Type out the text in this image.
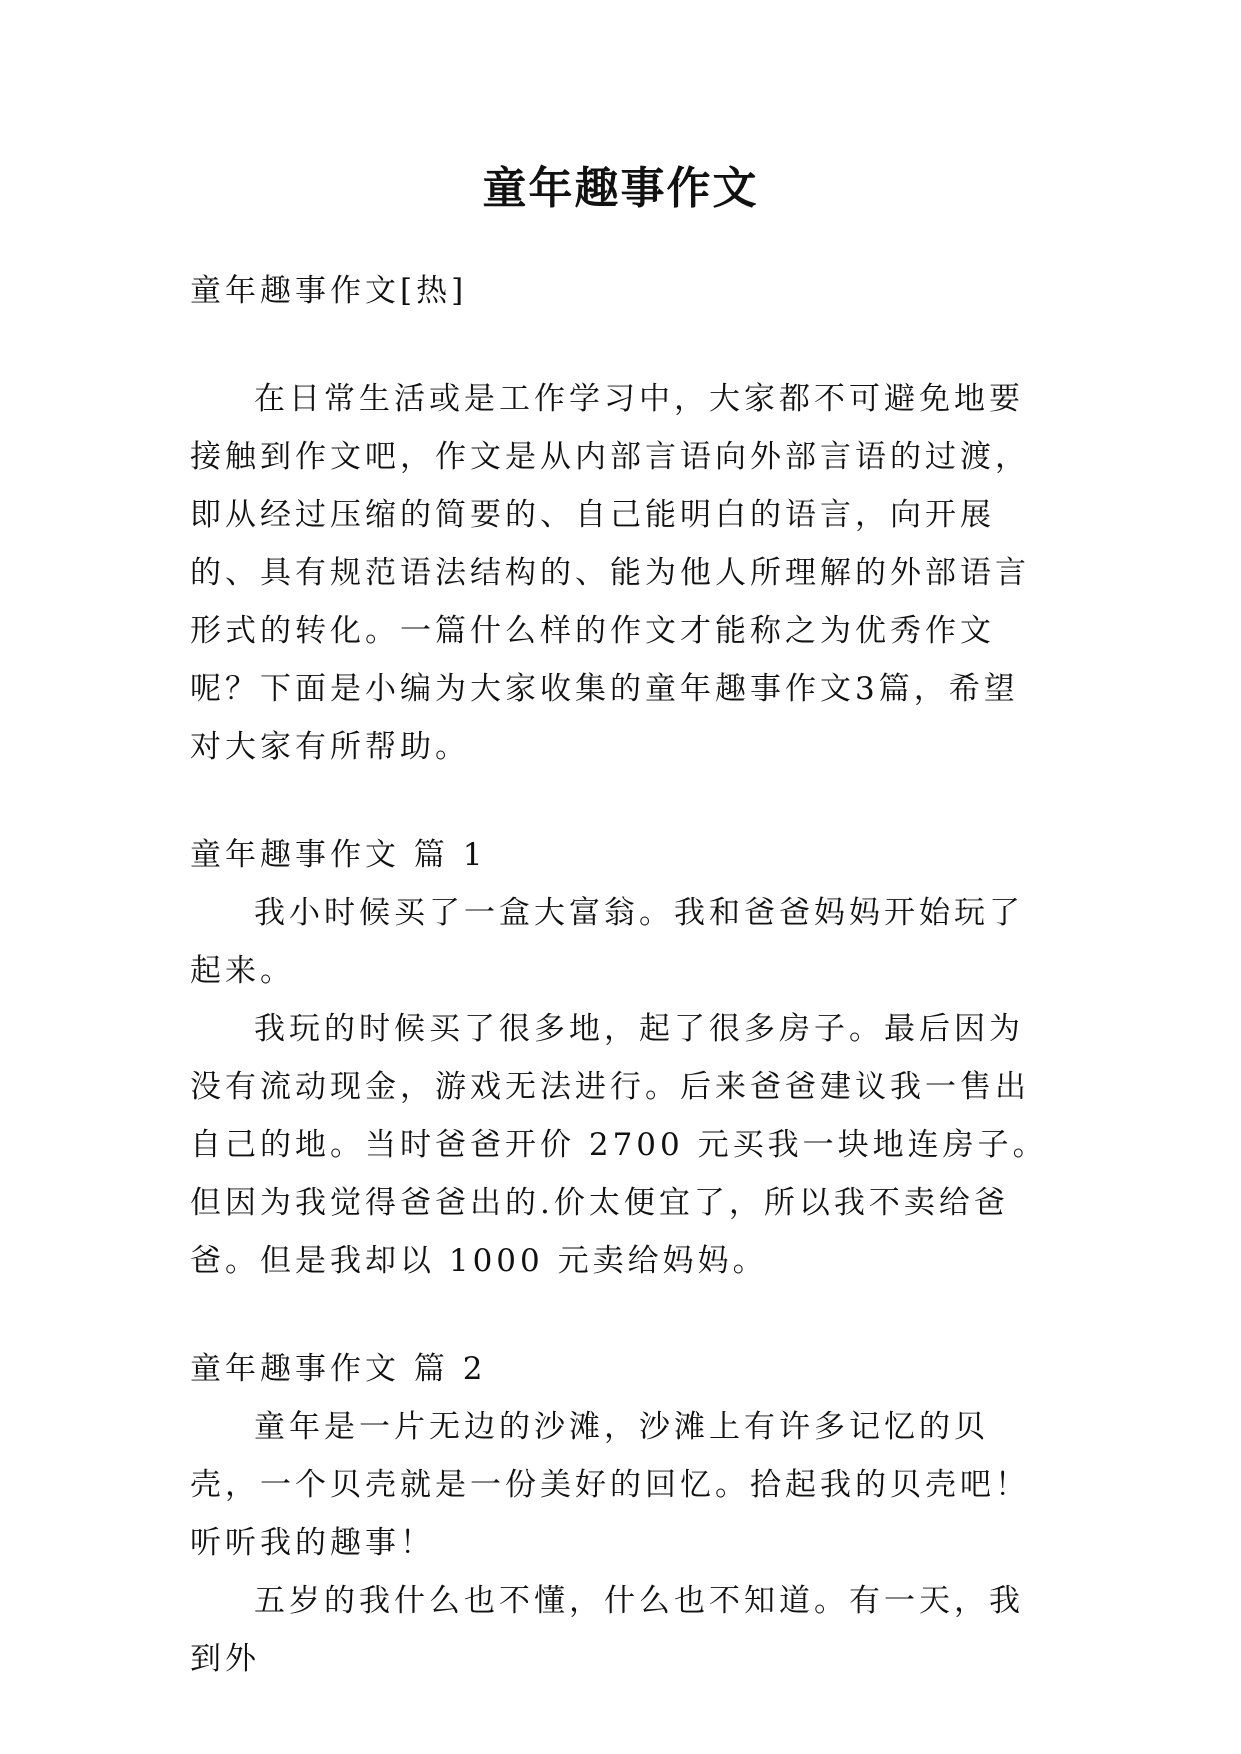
童年趣事作文

童年趣事作文[热]

在日常生活或是工作学习中，大家都不可避免地要接触到作文吧，作文是从内部言语向外部言语的过渡，即从经过压缩的简要的、自己能明白的语言，向开展的、具有规范语法结构的、能为他人所理解的外部语言形式的转化。一篇什么样的作文才能称之为优秀作文呢？下面是小编为大家收集的童年趣事作文3篇，希望对大家有所帮助。

童年趣事作文 篇 1

我小时候买了一盒大富翁。我和爸爸妈妈开始玩了起来。

我玩的时候买了很多地，起了很多房子。最后因为没有流动现金，游戏无法进行。后来爸爸建议我一售出自己的地。当时爸爸开价 2700 元买我一块地连房子。但因为我觉得爸爸出的.价太便宜了，所以我不卖给爸爸。但是我却以 1000 元卖给妈妈。

童年趣事作文 篇 2

童年是一片无边的沙滩，沙滩上有许多记忆的贝壳，一个贝壳就是一份美好的回忆。拾起我的贝壳吧！听听我的趣事！

五岁的我什么也不懂，什么也不知道。有一天，我到外
